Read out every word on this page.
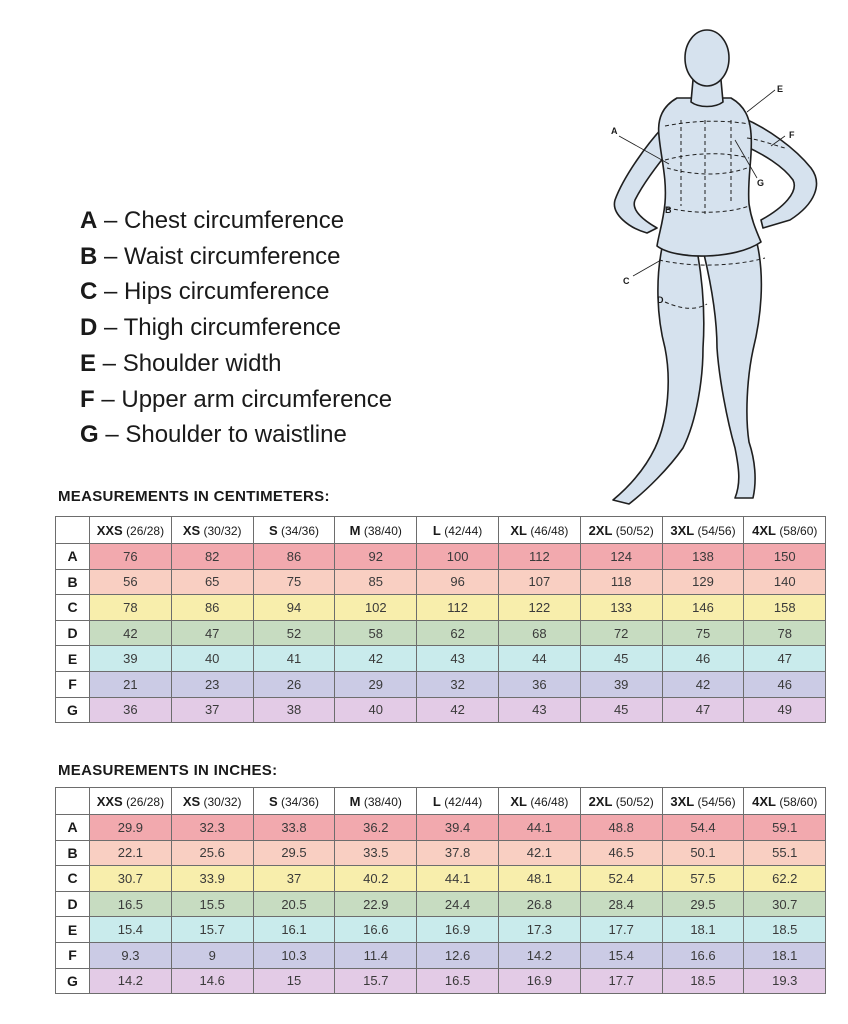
A – Chest circumference
B – Waist circumference
C – Hips circumference
D – Thigh circumference
E – Shoulder width
F – Upper arm circumference
G – Shoulder to waistline
A
B
C
D
E
F
G
MEASUREMENTS IN CENTIMETERS:
	XXS (26/28)	XS (30/32)	S (34/36)	M (38/40)	L (42/44)	XL (46/48)	2XL (50/52)	3XL (54/56)	4XL (58/60)
A	76	82	86	92	100	112	124	138	150
B	56	65	75	85	96	107	118	129	140
C	78	86	94	102	112	122	133	146	158
D	42	47	52	58	62	68	72	75	78
E	39	40	41	42	43	44	45	46	47
F	21	23	26	29	32	36	39	42	46
G	36	37	38	40	42	43	45	47	49
MEASUREMENTS IN INCHES:
	XXS (26/28)	XS (30/32)	S (34/36)	M (38/40)	L (42/44)	XL (46/48)	2XL (50/52)	3XL (54/56)	4XL (58/60)
A	29.9	32.3	33.8	36.2	39.4	44.1	48.8	54.4	59.1
B	22.1	25.6	29.5	33.5	37.8	42.1	46.5	50.1	55.1
C	30.7	33.9	37	40.2	44.1	48.1	52.4	57.5	62.2
D	16.5	15.5	20.5	22.9	24.4	26.8	28.4	29.5	30.7
E	15.4	15.7	16.1	16.6	16.9	17.3	17.7	18.1	18.5
F	9.3	9	10.3	11.4	12.6	14.2	15.4	16.6	18.1
G	14.2	14.6	15	15.7	16.5	16.9	17.7	18.5	19.3
